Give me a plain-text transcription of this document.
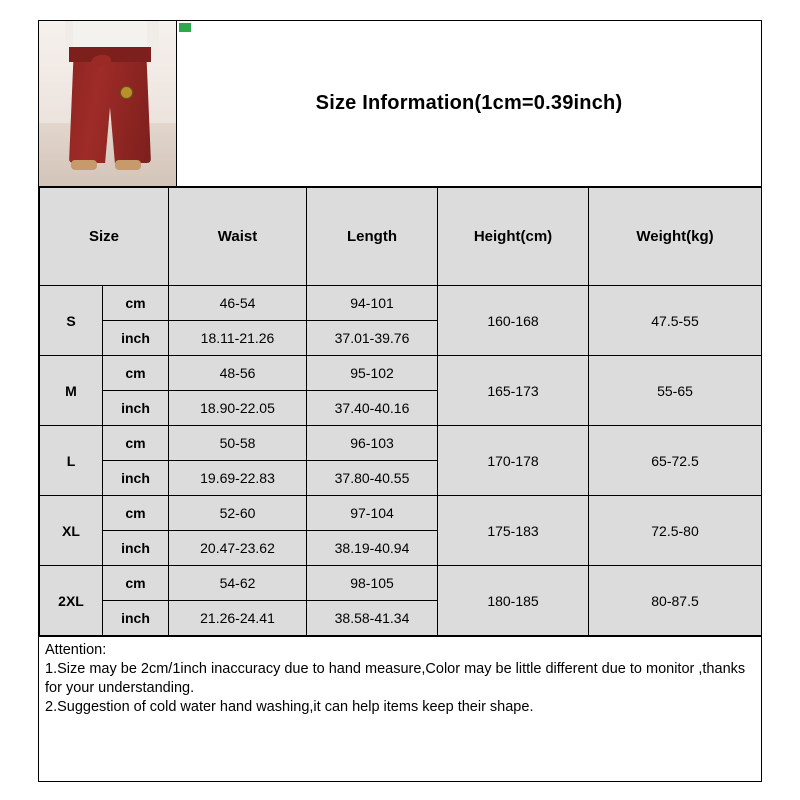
Size Information(1cm=0.39inch)
Size		Waist	Length	Height(cm)	Weight(kg)
S	cm	46-54	94-101	160-168	47.5-55
	inch	18.11-21.26	37.01-39.76		
M	cm	48-56	95-102	165-173	55-65
	inch	18.90-22.05	37.40-40.16		
L	cm	50-58	96-103	170-178	65-72.5
	inch	19.69-22.83	37.80-40.55		
XL	cm	52-60	97-104	175-183	72.5-80
	inch	20.47-23.62	38.19-40.94		
2XL	cm	54-62	98-105	180-185	80-87.5
	inch	21.26-24.41	38.58-41.34		
Attention:
1.Size may be 2cm/1inch inaccuracy due to hand measure,Color may be little different due to monitor ,thanks for your understanding.
2.Suggestion of cold water hand washing,it can help items keep their shape.
